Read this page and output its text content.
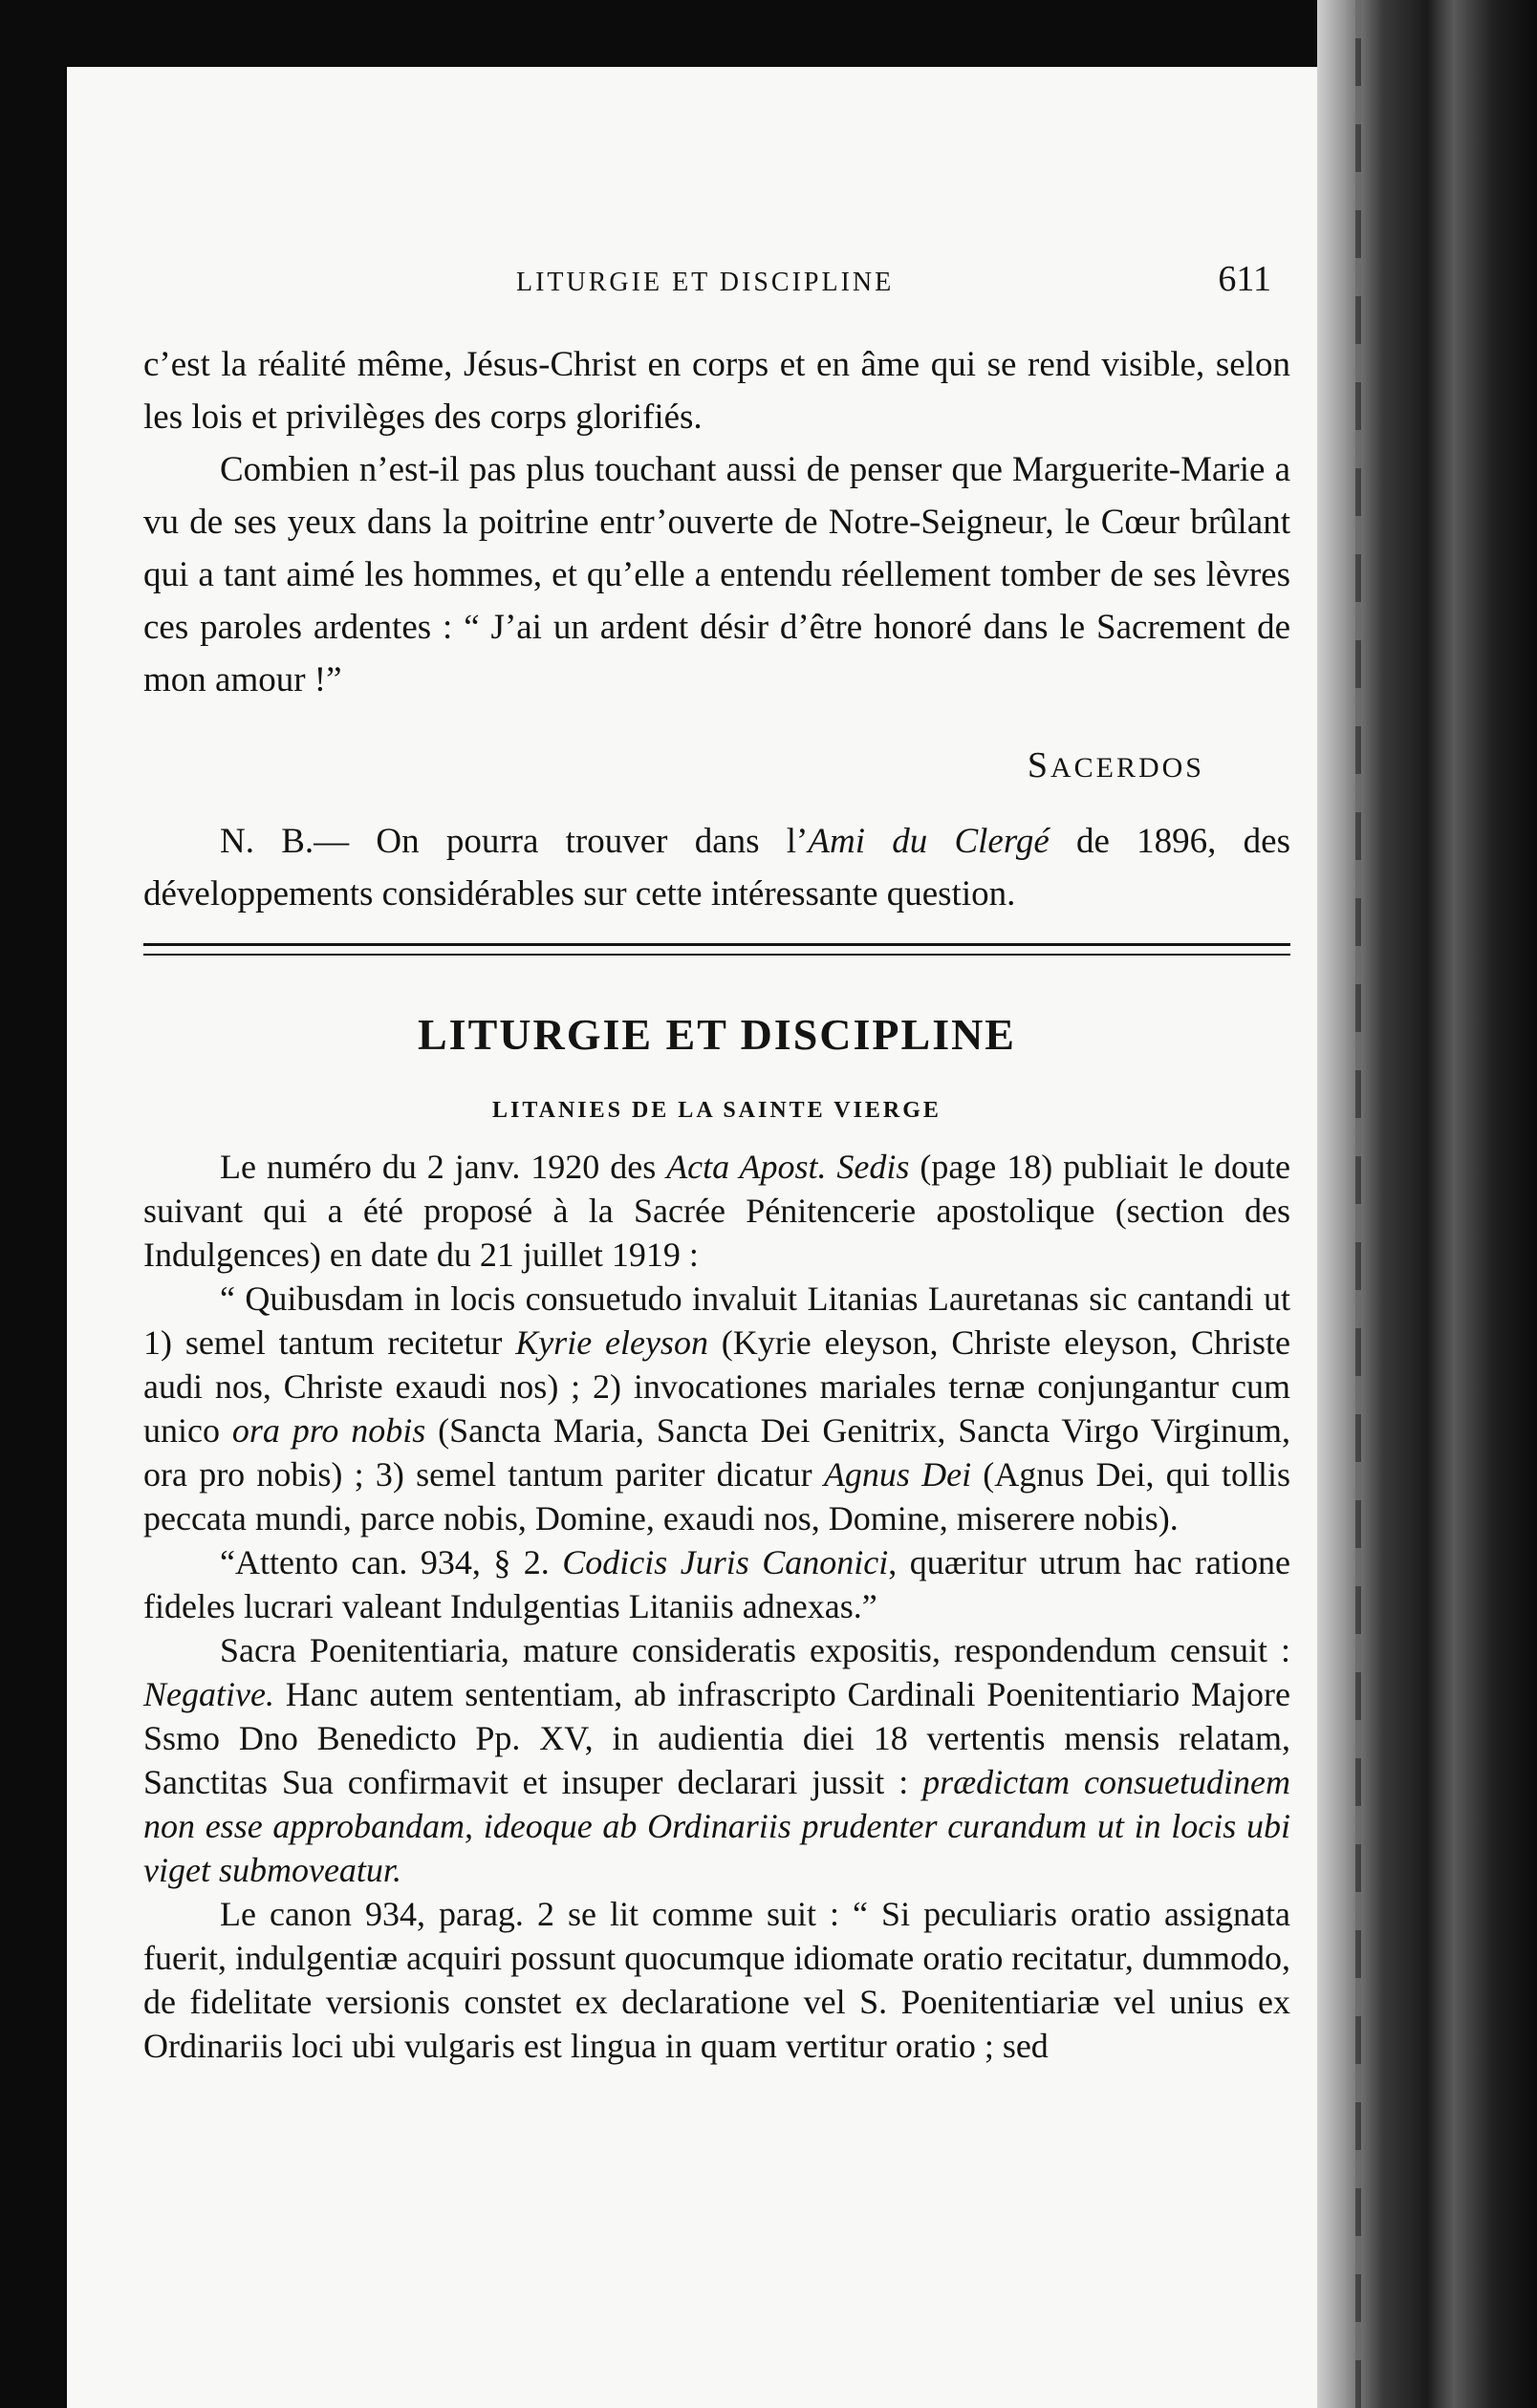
LITURGIE ET DISCIPLINE	611

c’est la réalité même, Jésus-Christ en corps et en âme qui se rend visible, selon les lois et privilèges des corps glorifiés.

Combien n’est-il pas plus touchant aussi de penser que Marguerite-Marie a vu de ses yeux dans la poitrine entr’ouverte de Notre-Seigneur, le Cœur brûlant qui a tant aimé les hommes, et qu’elle a entendu réellement tomber de ses lèvres ces paroles ardentes : “ J’ai un ardent désir d’être honoré dans le Sacrement de mon amour !”

SACERDOS

N. B.— On pourra trouver dans l’Ami du Clergé de 1896, des développements considérables sur cette intéressante question.

LITURGIE ET DISCIPLINE
LITANIES DE LA SAINTE VIERGE

Le numéro du 2 janv. 1920 des Acta Apost. Sedis (page 18) publiait le doute suivant qui a été proposé à la Sacrée Pénitencerie apostolique (section des Indulgences) en date du 21 juillet 1919 :

“ Quibusdam in locis consuetudo invaluit Litanias Lauretanas sic cantandi ut 1) semel tantum recitetur Kyrie eleyson (Kyrie eleyson, Christe eleyson, Christe audi nos, Christe exaudi nos) ; 2) invocationes mariales ternæ conjungantur cum unico ora pro nobis (Sancta Maria, Sancta Dei Genitrix, Sancta Virgo Virginum, ora pro nobis) ; 3) semel tantum pariter dicatur Agnus Dei (Agnus Dei, qui tollis peccata mundi, parce nobis, Domine, exaudi nos, Domine, miserere nobis).

“Attento can. 934, § 2. Codicis Juris Canonici, quæritur utrum hac ratione fideles lucrari valeant Indulgentias Litaniis adnexas.”

Sacra Poenitentiaria, mature consideratis expositis, respondendum censuit : Negative. Hanc autem sententiam, ab infrascripto Cardinali Poenitentiario Majore Ssmo Dno Benedicto Pp. XV, in audientia diei 18 vertentis mensis relatam, Sanctitas Sua confirmavit et insuper declarari jussit : prædictam consuetudinem non esse approbandam, ideoque ab Ordinariis prudenter curandum ut in locis ubi viget submoveatur.

Le canon 934, parag. 2 se lit comme suit : “ Si peculiaris oratio assignata fuerit, indulgentiæ acquiri possunt quocumque idiomate oratio recitatur, dummodo, de fidelitate versionis constet ex declaratione vel S. Poenitentiariæ vel unius ex Ordinariis loci ubi vulgaris est lingua in quam vertitur oratio ; sed
